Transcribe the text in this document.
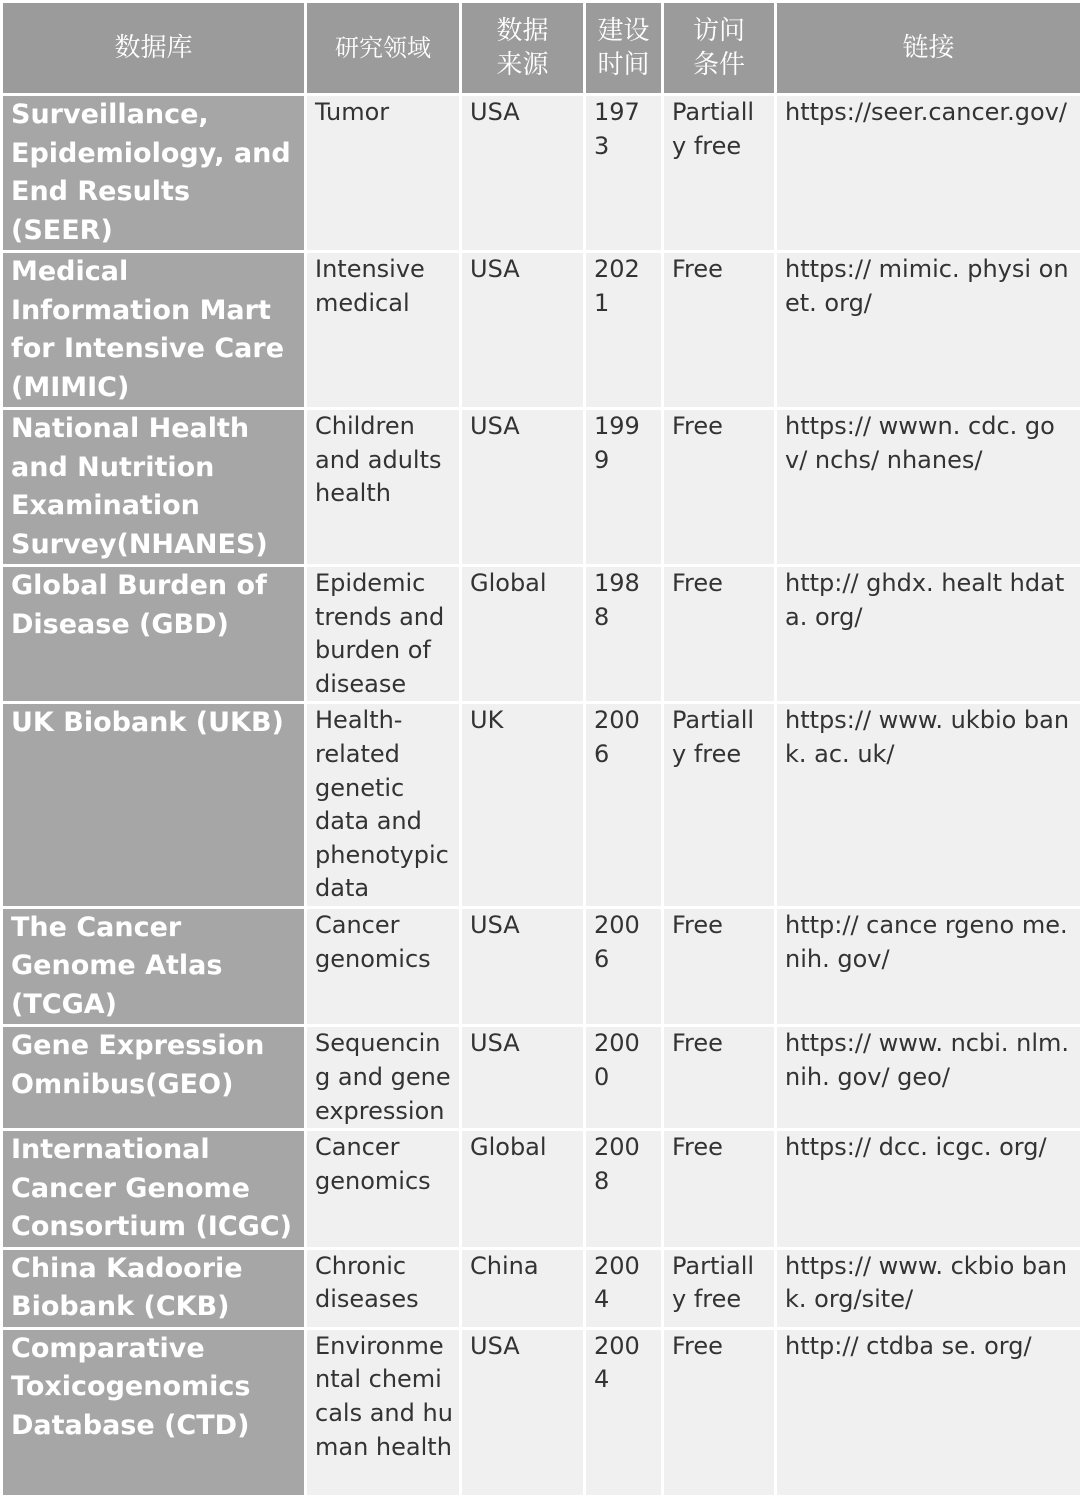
数据库	研究领域	数据来源	建设时间	访问条件	链接
Surveillance, Epidemiology, and End Results (SEER)	Tumor	USA	1973	Partially free	https://seer.cancer.gov/
Medical Information Mart for Intensive Care (MIMIC)	Intensive medical	USA	2021	Free	https:// mimic. physi onet. org/
National Health and Nutrition Examination Survey(NHANES)	Children and adults health	USA	1999	Free	https:// wwwn. cdc. gov/ nchs/ nhanes/
Global Burden of Disease (GBD)	Epidemic trends and burden of disease	Global	1988	Free	http:// ghdx. healt hdata. org/
UK Biobank (UKB)	Health-related genetic data and phenotypic data	UK	2006	Partially free	https:// www. ukbio bank. ac. uk/
The Cancer Genome Atlas (TCGA)	Cancer genomics	USA	2006	Free	http:// cance rgeno me. nih. gov/
Gene Expression Omnibus(GEO)	Sequencing and gene expression	USA	2000	Free	https:// www. ncbi. nlm. nih. gov/ geo/
International Cancer Genome Consortium (ICGC)	Cancer genomics	Global	2008	Free	https:// dcc. icgc. org/
China Kadoorie Biobank (CKB)	Chronic diseases	China	2004	Partially free	https:// www. ckbio bank. org/site/
Comparative Toxicogenomics Database (CTD)	Environmental chemicals and human health	USA	2004	Free	http:// ctdba se. org/
